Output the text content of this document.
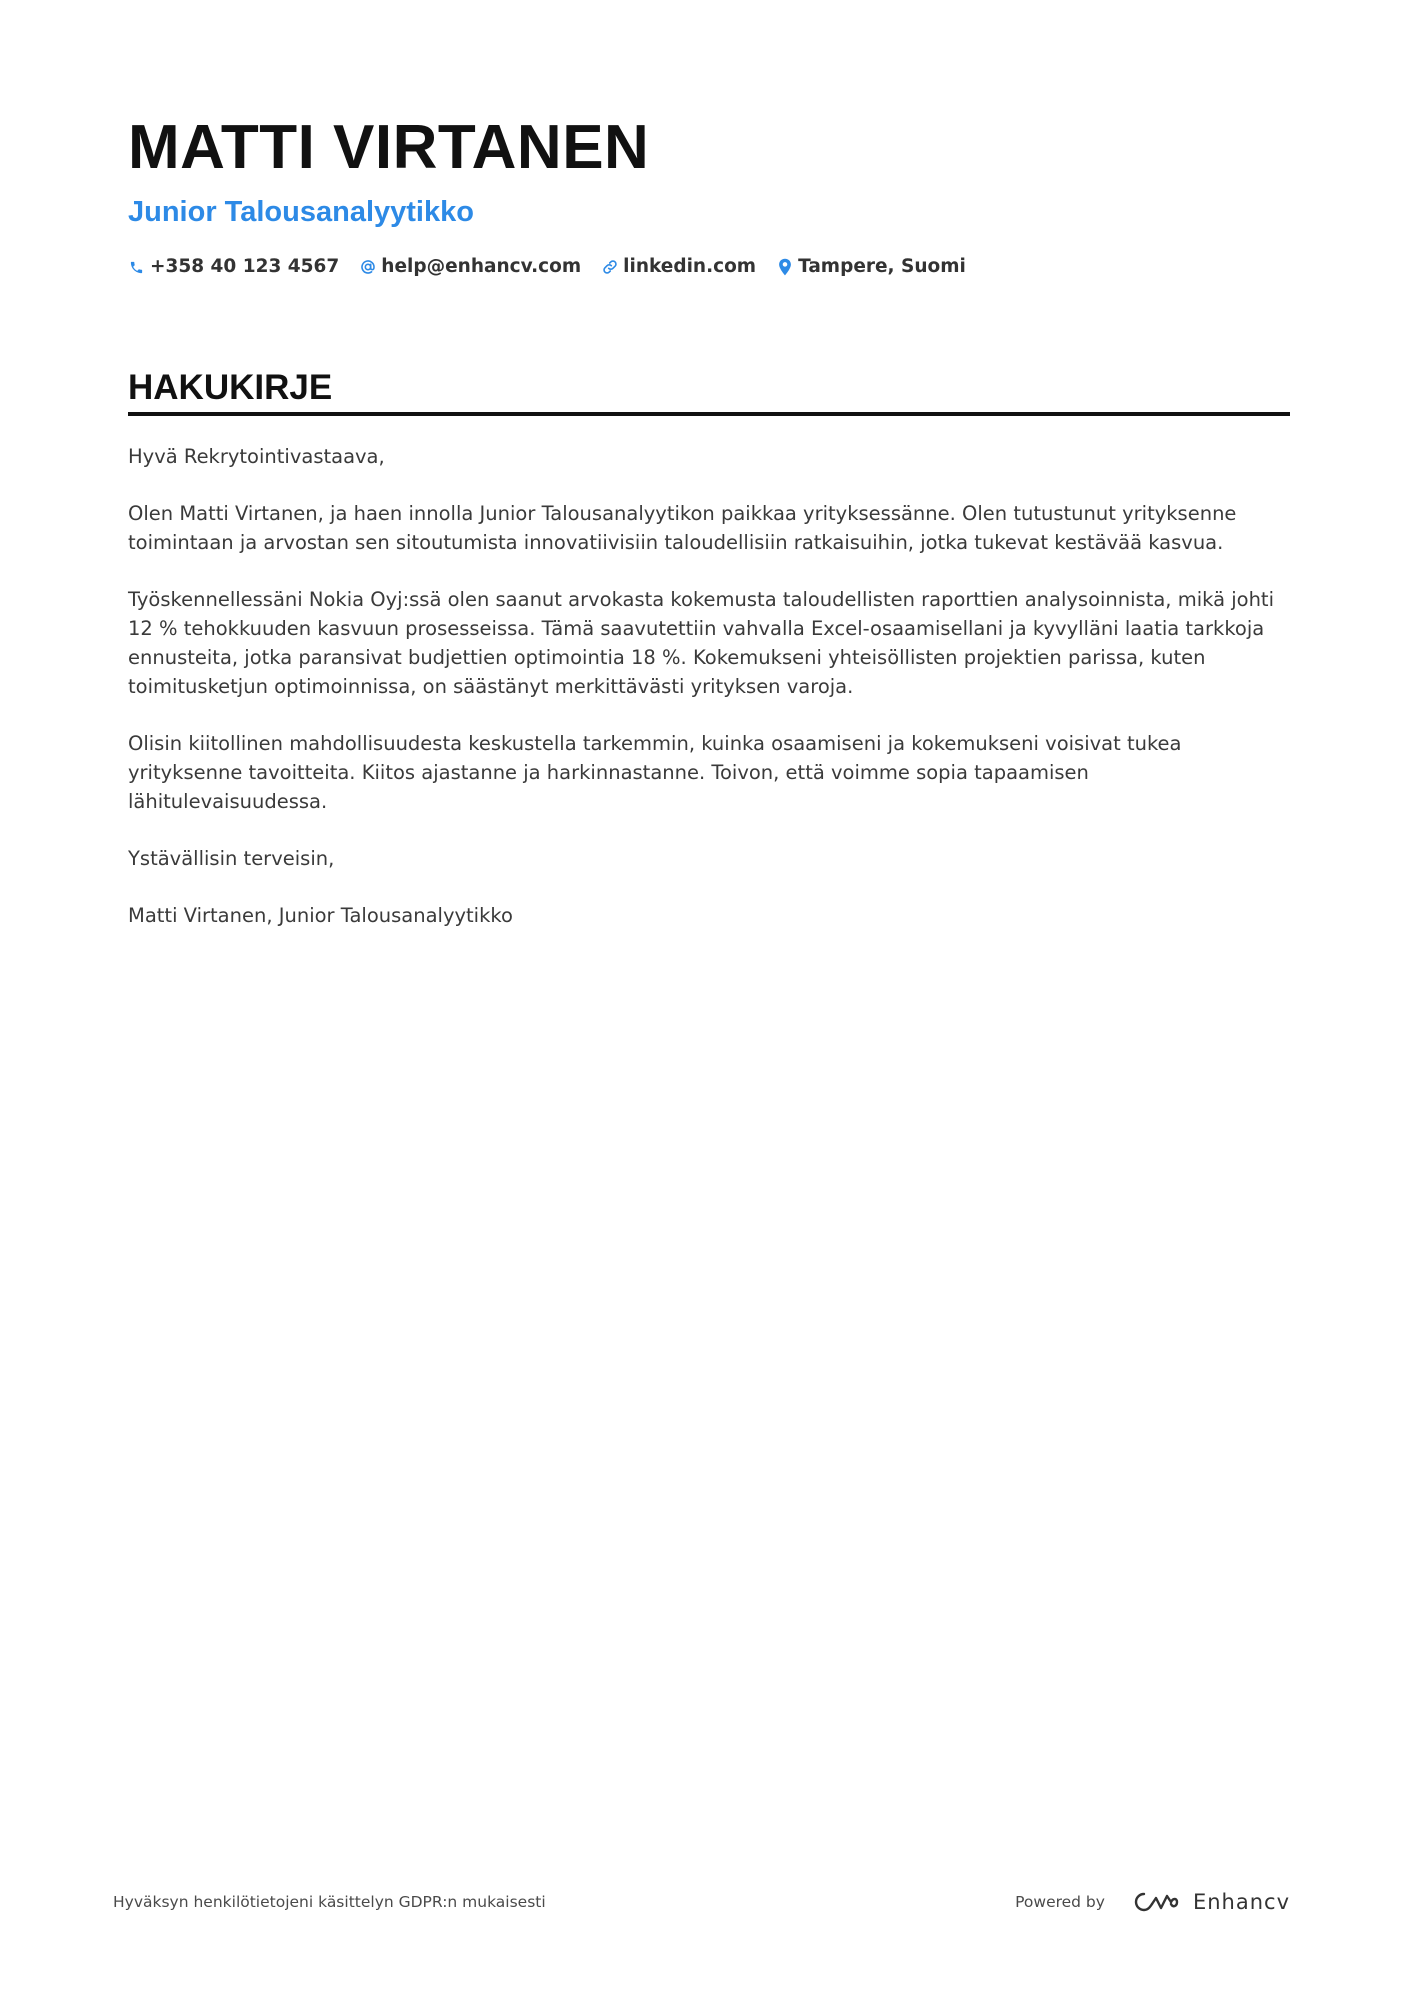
MATTI VIRTANEN
Junior Talousanalyytikko
+358 40 123 4567 help@enhancv.com linkedin.com Tampere, Suomi
HAKUKIRJE

Hyvä Rekrytointivastaava,

Olen Matti Virtanen, ja haen innolla Junior Talousanalyytikon paikkaa yrityksessänne. Olen tutustunut yrityksenne toimintaan ja arvostan sen sitoutumista innovatiivisiin taloudellisiin ratkaisuihin, jotka tukevat kestävää kasvua.

Työskennellessäni Nokia Oyj:ssä olen saanut arvokasta kokemusta taloudellisten raporttien analysoinnista, mikä johti 12 % tehokkuuden kasvuun prosesseissa. Tämä saavutettiin vahvalla Excel-osaamisellani ja kyvylläni laatia tarkkoja ennusteita, jotka paransivat budjettien optimointia 18 %. Kokemukseni yhteisöllisten projektien parissa, kuten toimitusketjun optimoinnissa, on säästänyt merkittävästi yrityksen varoja.

Olisin kiitollinen mahdollisuudesta keskustella tarkemmin, kuinka osaamiseni ja kokemukseni voisivat tukea yrityksenne tavoitteita. Kiitos ajastanne ja harkinnastanne. Toivon, että voimme sopia tapaamisen lähitulevaisuudessa.

Ystävällisin terveisin,

Matti Virtanen, Junior Talousanalyytikko

Hyväksyn henkilötietojeni käsittelyn GDPR:n mukaisesti	Powered by	Enhancv
